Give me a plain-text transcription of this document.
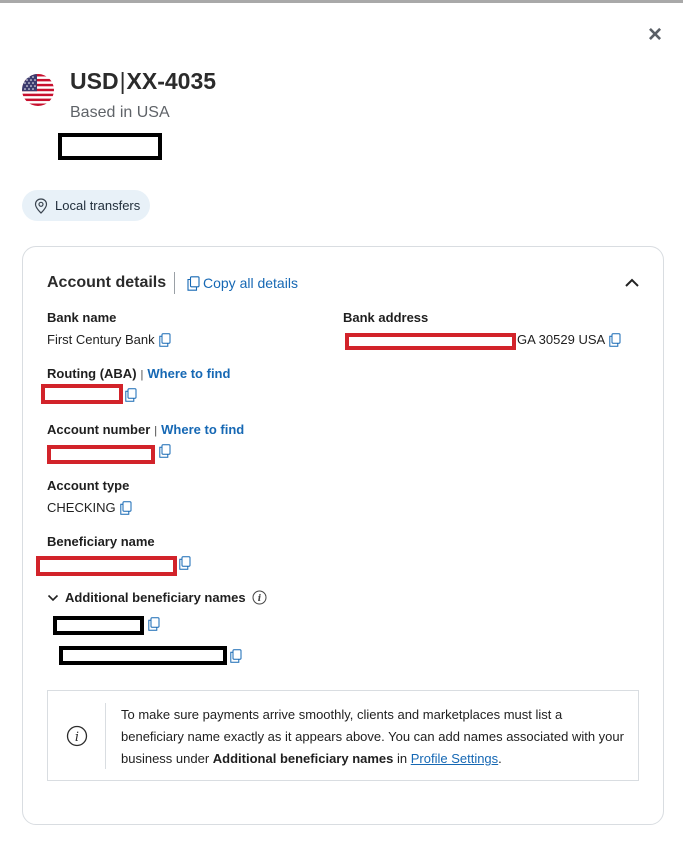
×
USD|XX-4035
Based in USA
Local transfers
Account details	Copy all details
Bank name
First Century Bank
Bank address
GA 30529 USA
Routing (ABA) | Where to find
Account number | Where to find
Account type
CHECKING
Beneficiary name
Additional beneficiary names i
i
To make sure payments arrive smoothly, clients and marketplaces must list a beneficiary name exactly as it appears above. You can add names associated with your business under Additional beneficiary names in Profile Settings.
